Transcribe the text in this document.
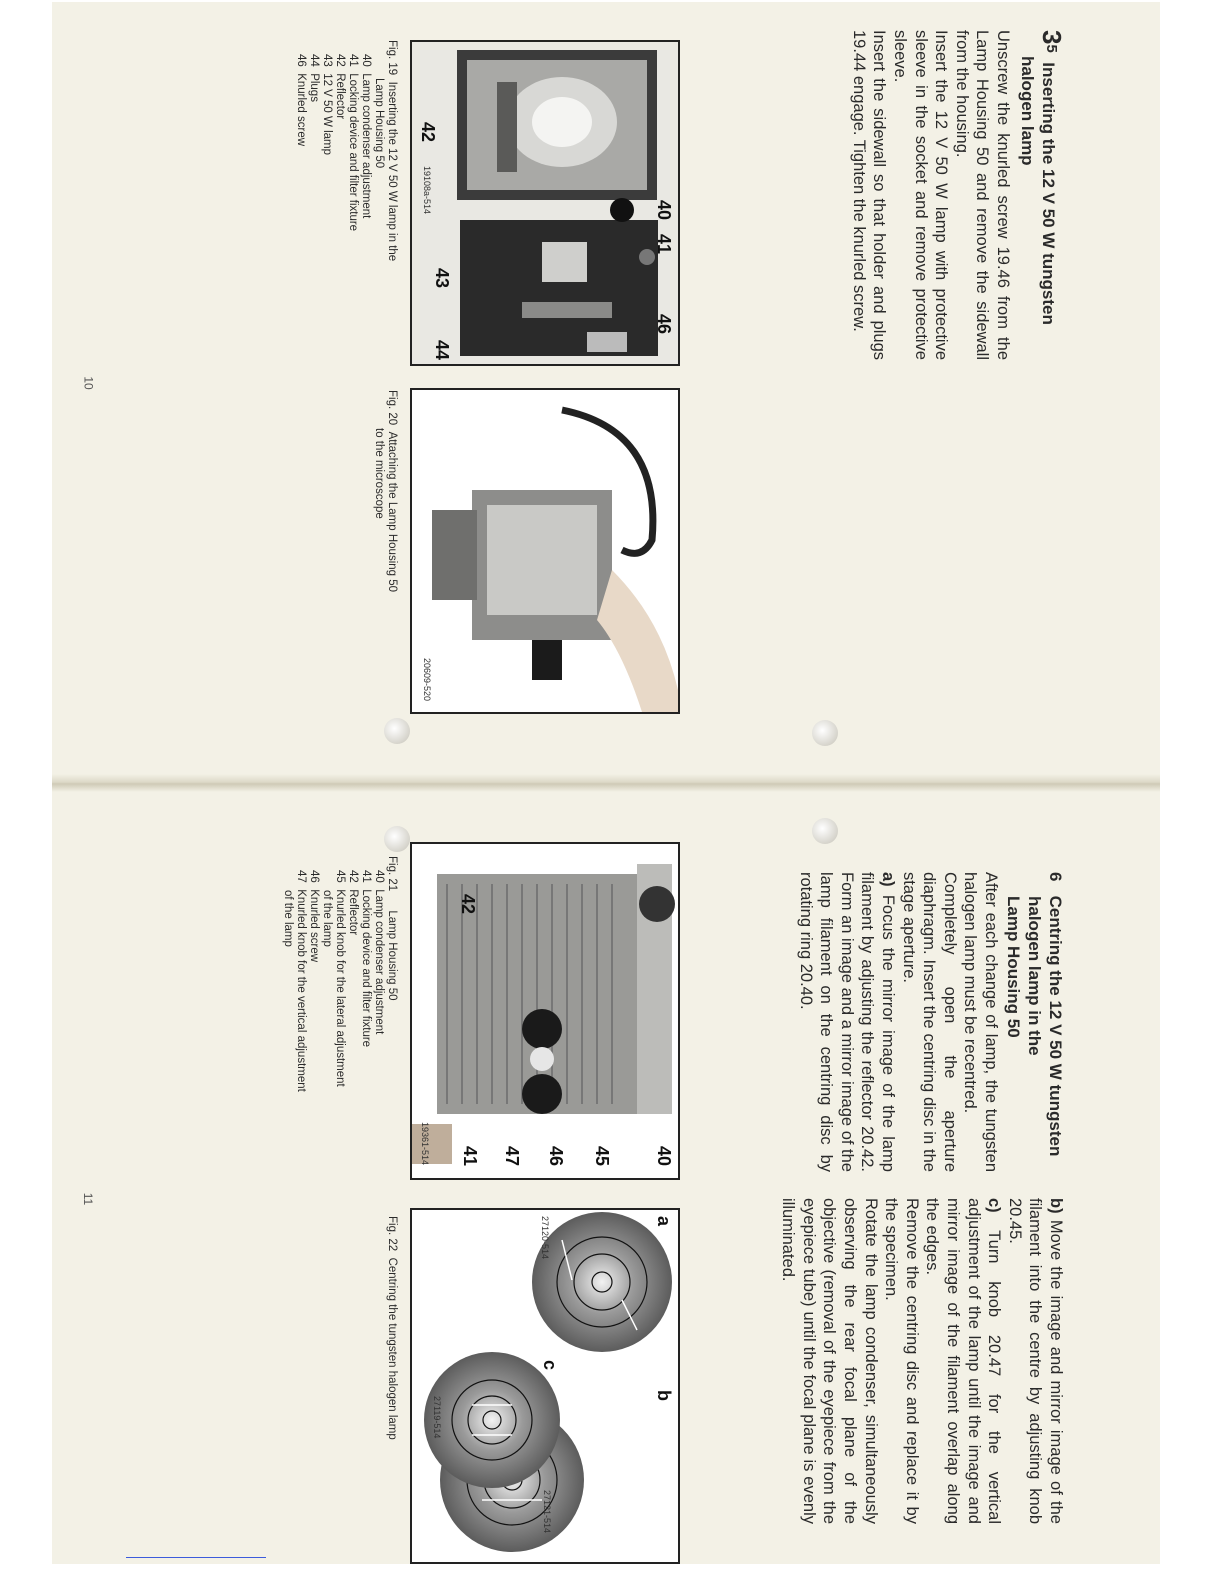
35  Inserting the 12 V 50 W tungsten
halogen lamp

Unscrew the knurled screw 19.46 from the Lamp Housing 50 and remove the sidewall from the housing.

Insert the 12 V 50 W lamp with protective sleeve in the socket and remove protective sleeve.

Insert the sidewall so that holder and plugs 19.44 engage. Tighten the knurled screw.

42
40
41
43
44
46
19108a-514
Fig. 19  Inserting the 12 V 50 W lamp in the
Lamp Housing 50
40  Lamp condenser adjustment
41  Locking device and filter fixture
42  Reflector
43  12 V 50 W lamp
44  Plugs
46  Knurled screw
20609-520
Fig. 20  Attaching the Lamp Housing 50
to the microscope
10
6   Centring the 12 V 50 W tungsten
halogen lamp in the
Lamp Housing 50

After each change of lamp, the tungsten halogen lamp must be recentred.

Completely open the aperture diaphragm. Insert the centring disc in the stage aperture.

a) Focus the mirror image of the lamp filament by adjusting the reflector 20.42. Form an image and a mirror image of the lamp filament on the centring disc by rotating ring 20.40.

b) Move the image and mirror image of the filament into the centre by adjusting knob 20.45.

c) Turn knob 20.47 for the vertical adjustment of the lamp until the image and mirror image of the filament overlap along the edges.

Remove the centring disc and replace it by the specimen.

Rotate the lamp condenser, simultaneously observing the rear focal plane of the objective (removal of the eyepiece from the eyepiece tube) until the focal plane is evenly illuminated.

42
40
45
46
47
41
19361-514
Fig. 21      Lamp Housing 50
40  Lamp condenser adjustment
41  Locking device and filter fixture
42  Reflector
45  Knurled knob for the lateral adjustment
of the lamp
46  Knurled screw
47  Knurled knob for the vertical adjustment
of the lamp
a
b
c
27120-514
27121-514
27119-514
Fig. 22  Centring the tungsten halogen lamp
11
